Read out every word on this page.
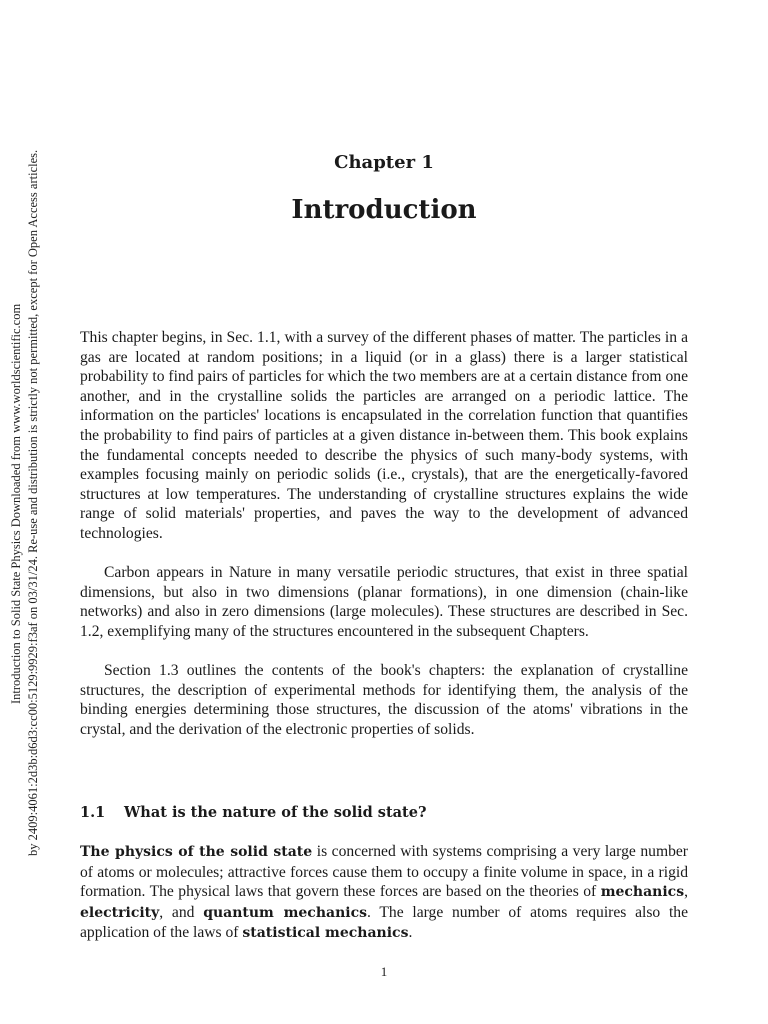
Introduction to Solid State Physics Downloaded from www.worldscientific.com by 2409:4061:2d3b:d6d3:cc00:5129:9929:f3af on 03/31/24. Re-use and distribution is strictly not permitted, except for Open Access articles.	Chapter 1
Introduction

This chapter begins, in Sec. 1.1, with a survey of the different phases of matter. The particles in a gas are located at random positions; in a liquid (or in a glass) there is a larger statistical probability to find pairs of particles for which the two members are at a certain distance from one another, and in the crystalline solids the particles are arranged on a periodic lattice. The information on the particles' locations is encapsulated in the correlation function that quantifies the probability to find pairs of particles at a given distance in-between them. This book explains the fundamental concepts needed to describe the physics of such many-body systems, with examples focusing mainly on periodic solids (i.e., crystals), that are the energetically-favored structures at low temperatures. The understanding of crystalline structures explains the wide range of solid materials' properties, and paves the way to the development of advanced technologies.

Carbon appears in Nature in many versatile periodic structures, that exist in three spatial dimensions, but also in two dimensions (planar formations), in one dimension (chain-like networks) and also in zero dimensions (large molecules). These structures are described in Sec. 1.2, exemplifying many of the structures encountered in the subsequent Chapters.

Section 1.3 outlines the contents of the book's chapters: the explanation of crystalline structures, the description of experimental methods for identifying them, the analysis of the binding energies determining those structures, the discussion of the atoms' vibrations in the crystal, and the derivation of the electronic properties of solids.

1.1 What is the nature of the solid state?

The physics of the solid state is concerned with systems comprising a very large number of atoms or molecules; attractive forces cause them to occupy a finite volume in space, in a rigid formation. The physical laws that govern these forces are based on the theories of mechanics, electricity, and quantum mechanics. The large number of atoms requires also the application of the laws of statistical mechanics.

1
